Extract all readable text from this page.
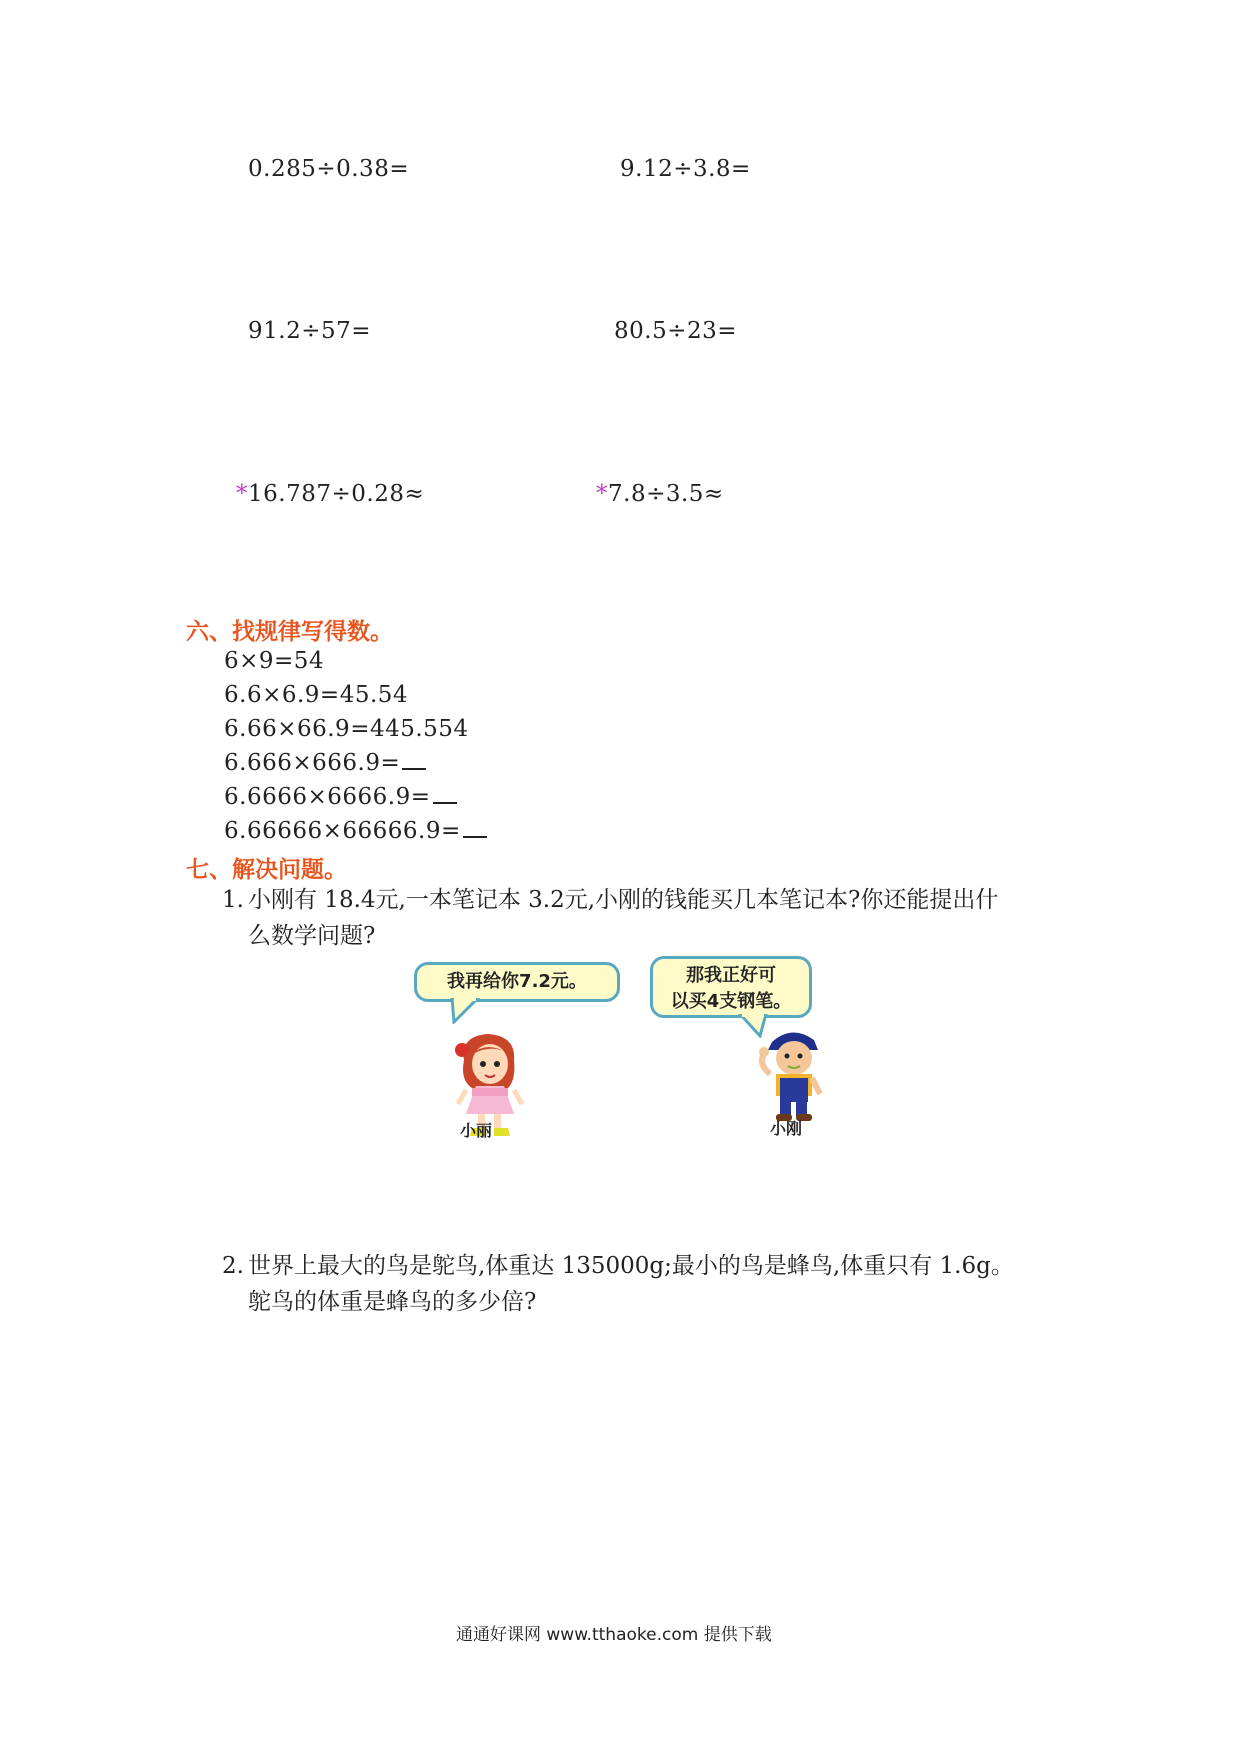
0.285÷0.38=	9.12÷3.8=
91.2÷57=	80.5÷23=
*16.787÷0.28≈	*7.8÷3.5≈
六、找规律写得数。
6×9=54
6.6×6.9=45.54
6.66×66.9=445.554
6.666×666.9=
6.6666×6666.9=
6.66666×66666.9=
七、解决问题。
1. 小刚有 18.4元,一本笔记本 3.2元,小刚的钱能买几本笔记本?你还能提出什
么数学问题?
我再给你7.2元。	那我正好可
以买4支钢笔。
小丽	小刚
2. 世界上最大的鸟是鸵鸟,体重达 135000g;最小的鸟是蜂鸟,体重只有 1.6g。
鸵鸟的体重是蜂鸟的多少倍?
通通好课网 www.tthaoke.com 提供下载
